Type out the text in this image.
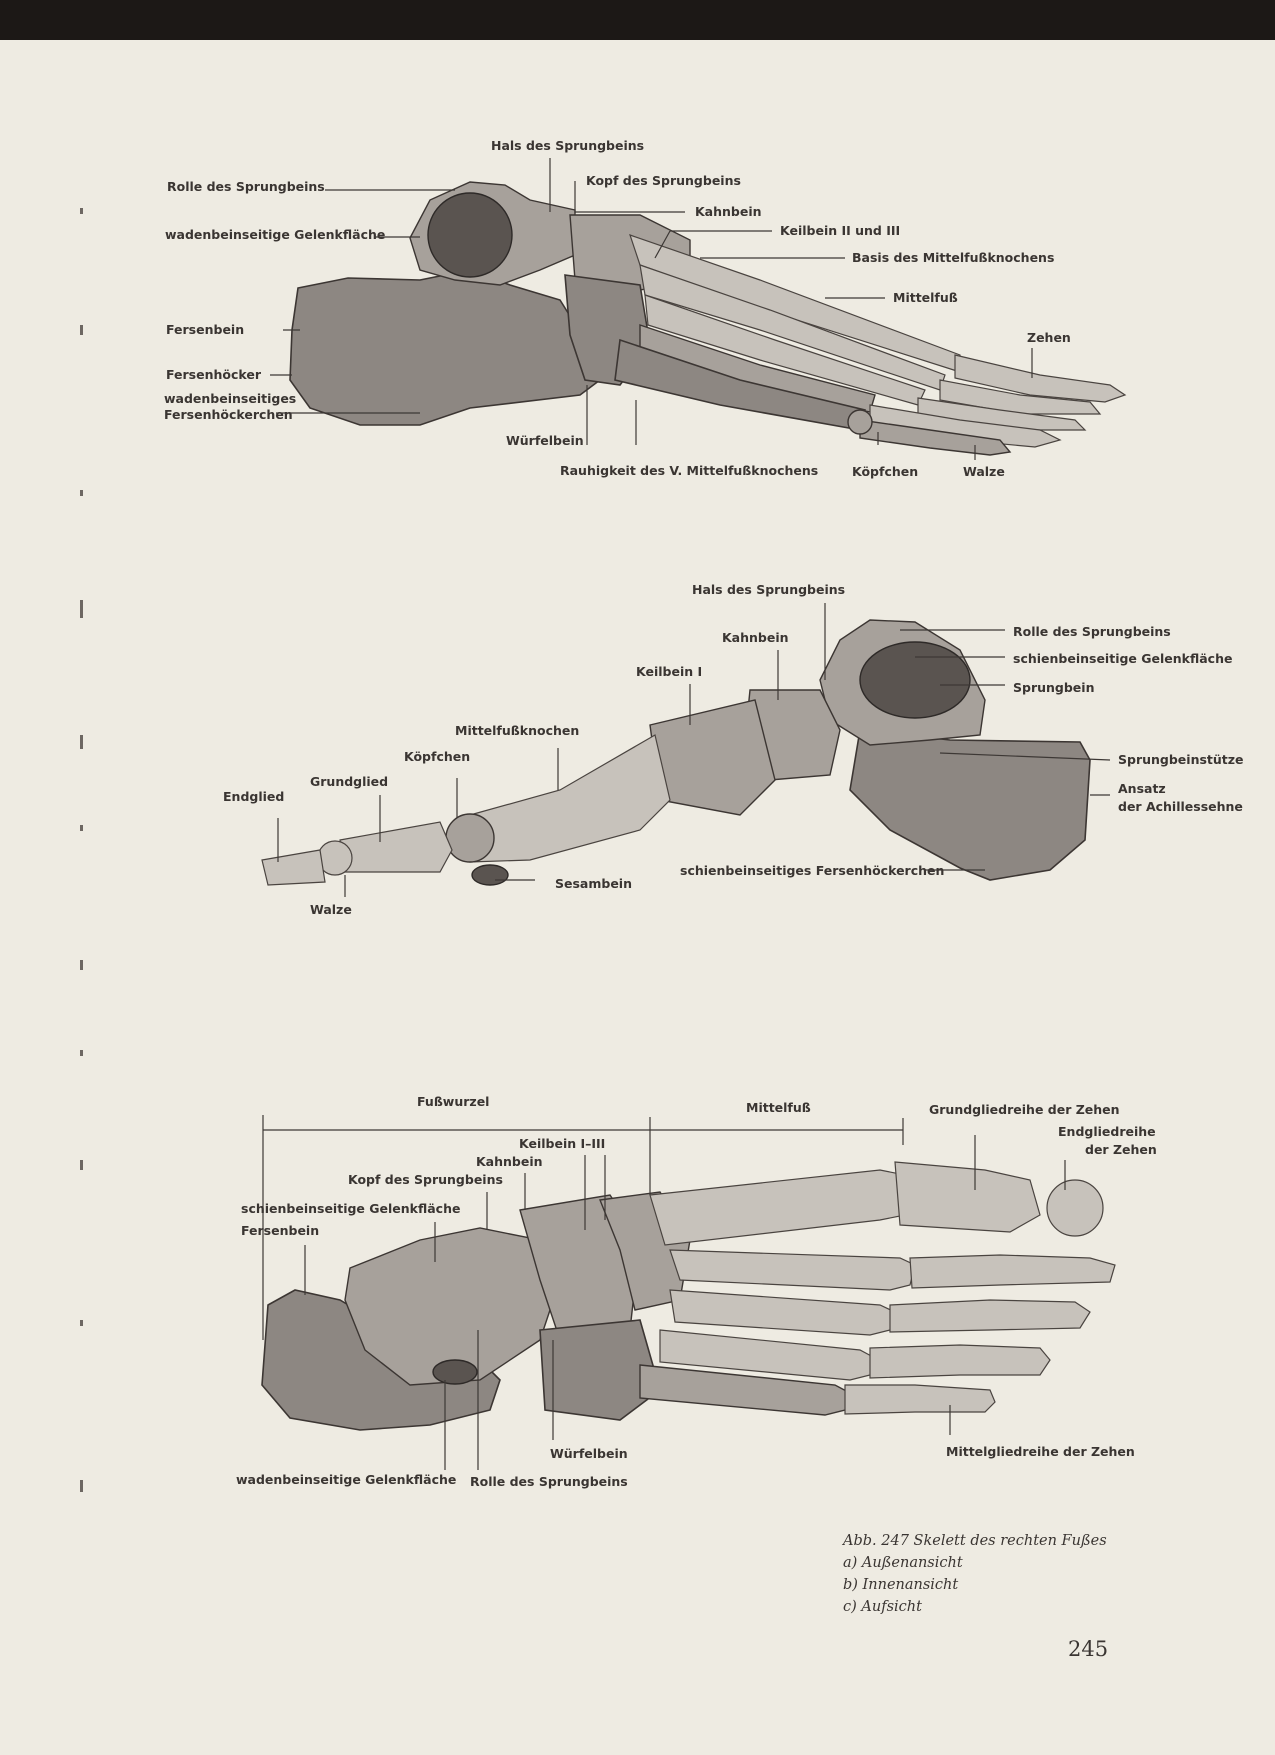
Hals des Sprungbeins
Rolle des Sprungbeins	Kopf des Sprungbeins
Kahnbein
wadenbeinseitige Gelenkfläche	Keilbein II und III
Basis des Mittelfußknochens
Mittelfuß
Fersenbein
Zehen
Fersenhöcker
wadenbeinseitiges
Fersenhöckerchen
Würfelbein
Rauhigkeit des V. Mittelfußknochens	Köpfchen	Walze
Hals des Sprungbeins
Rolle des Sprungbeins
Kahnbein
schienbeinseitige Gelenkfläche
Keilbein I
Sprungbein
Mittelfußknochen
Köpfchen	Sprungbeinstütze
Grundglied	Ansatz
der Achillessehne
Endglied
schienbeinseitiges Fersenhöckerchen
Sesambein
Walze
Fußwurzel	Mittelfuß	Grundgliedreihe der Zehen
Endgliedreihe
der Zehen
Keilbein I–III
Kahnbein
Kopf des Sprungbeins
schienbeinseitige Gelenkfläche
Fersenbein
Würfelbein	Mittelgliedreihe der Zehen
wadenbeinseitige Gelenkfläche Rolle des Sprungbeins
Abb. 247 Skelett des rechten Fußes
a) Außenansicht
b) Innenansicht
c) Aufsicht
245
